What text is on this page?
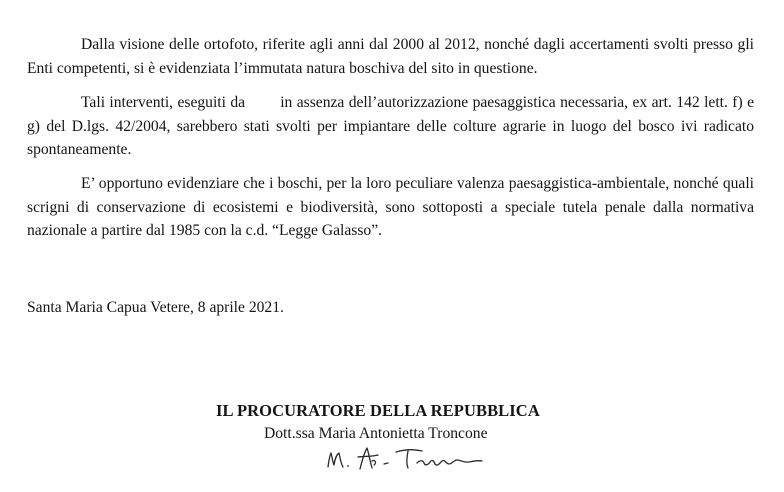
Dalla visione delle ortofoto, riferite agli anni dal 2000 al 2012, nonché dagli accertamenti svolti presso gli Enti competenti, si è evidenziata l’immutata natura boschiva del sito in questione.

Tali interventi, eseguiti da        in assenza dell’autorizzazione paesaggistica necessaria, ex art. 142 lett. f) e g) del D.lgs. 42/2004, sarebbero stati svolti per impiantare delle colture agrarie in luogo del bosco ivi radicato spontaneamente.

E’ opportuno evidenziare che i boschi, per la loro peculiare valenza paesaggistica-ambientale, nonché quali scrigni di conservazione di ecosistemi e biodiversità, sono sottoposti a speciale tutela penale dalla normativa nazionale a partire dal 1985 con la c.d. “Legge Galasso”.

Santa Maria Capua Vetere, 8 aprile 2021.

IL PROCURATORE DELLA REPUBBLICA

Dott.ssa Maria Antonietta Troncone
